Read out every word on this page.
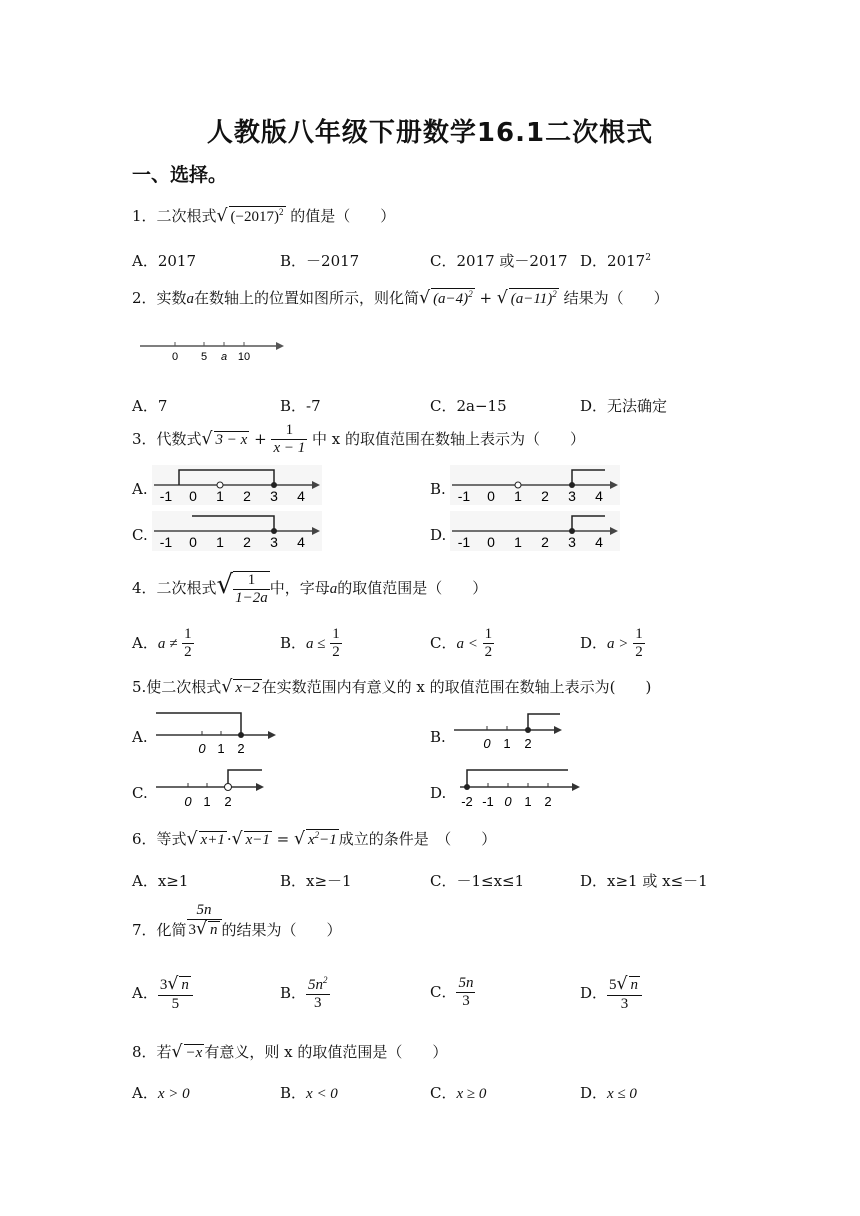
人教版八年级下册数学16.1二次根式
一、选择。
1．二次根式√ $(-2017)^2$ 的值是（　　）
A．2017	B．－2017	C．2017 或－2017 D．2017$^2$
2．实数a在数轴上的位置如图所示，则化简√ $(a-4)^2$ + √ $(a-11)^2$ 结果为（　　）
0 5 a 10
A．7	B．-7	C．2a−15	D．无法确定
3．代数式√ $3 - x + \frac{1}{x - 1}$ 中 x 的取值范围在数轴上表示为（　　）
A. -1 0 1 2 3 4	B. -1 0 1 2 3 4
C. -1 0 1 2 3 4	D. -1 0 1 2 3 4
4．二次根式√ $\frac{1}{1-2a}$ 中，字母a的取值范围是（　　）
A．$a \ne \frac{1}{2}$	B．$a \le \frac{1}{2}$	C．$a < \frac{1}{2}$	D．$a > \frac{1}{2}$
5.使二次根式√ x−2 在实数范围内有意义的 x 的取值范围在数轴上表示为(　　)
A.
0 1 2
B.	0 1 2
C.	0 1 2	D. -2 -1 0 1 2
6．等式√ x+1 ·√ x−1 = √ $x^2-1$ 成立的条件是　（　　）
A．x≥1	B．x≥－1	C．－1≤x≤1	D．x≥1 或 x≤－1
7．化简 $\frac{5n}{3√ n}$ 的结果为（　　）
A． $\frac{3√ n}{5}$	B． $\frac{5n^2}{3}$	C． $\frac{5n}{3}$	D． $\frac{5√ n}{3}$
8．若√ −x 有意义，则 x 的取值范围是（　　）
A．x > 0	B．x < 0	C．x ≥ 0	D．x ≤ 0
